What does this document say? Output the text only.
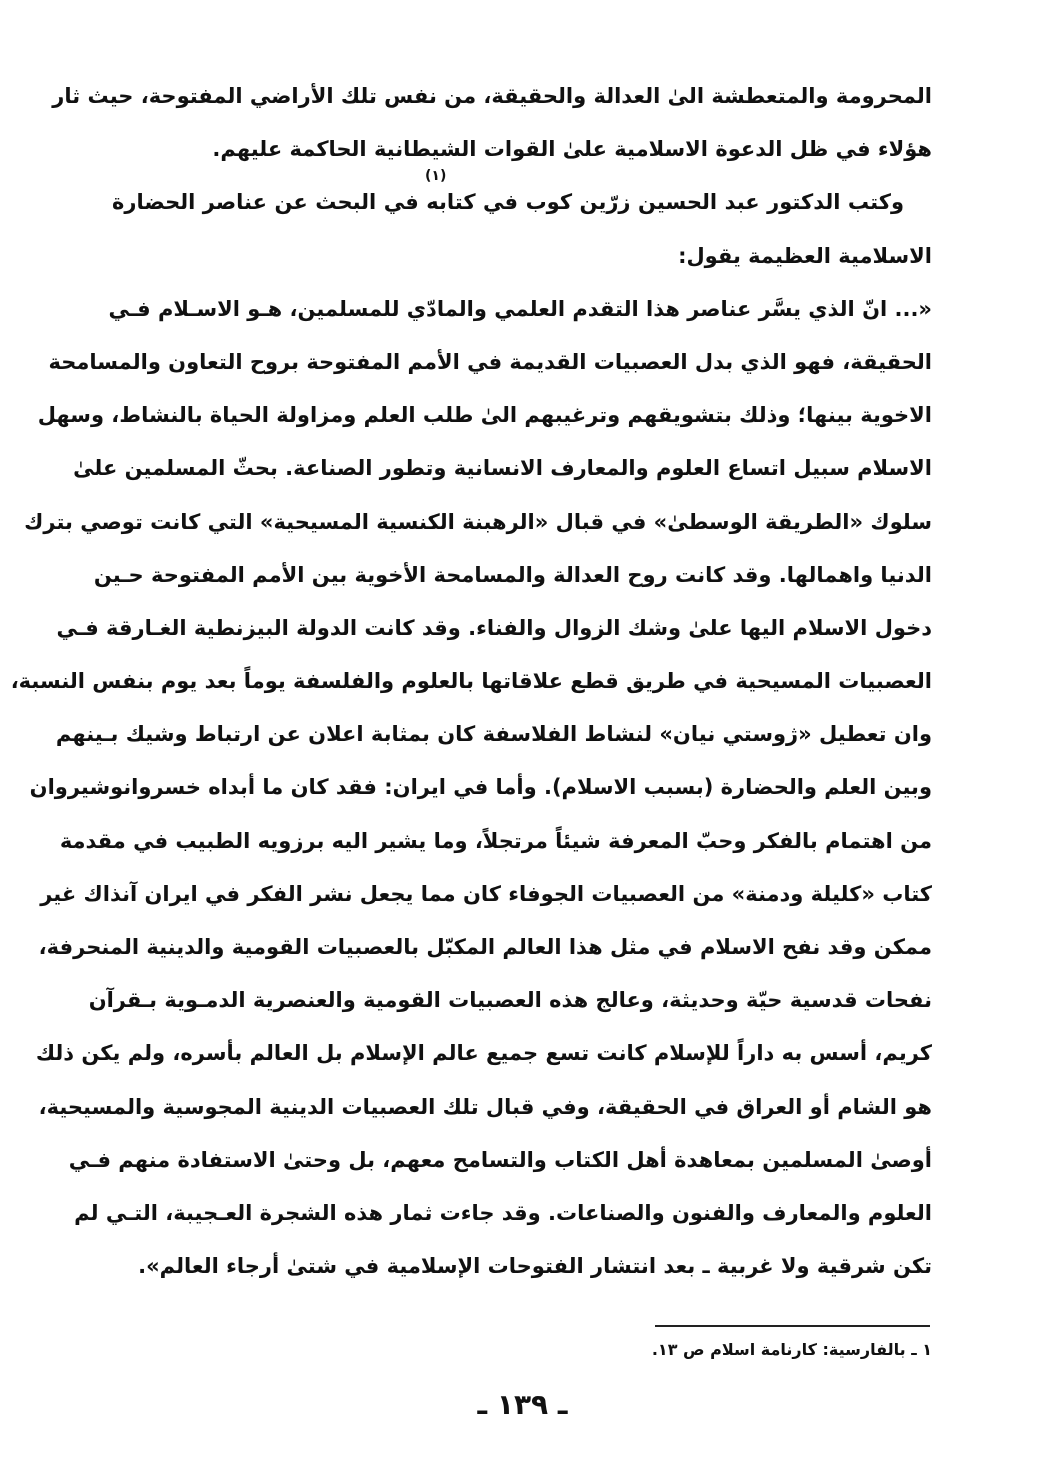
المحرومة والمتعطشة الیٰ العدالة والحقیقة، من نفس تلك الأراضي المفتوحة، حيث ثار
هؤلاء في ظل الدعوة الاسلامية علیٰ القوات الشيطانية الحاكمة عليهم.
وكتب الدكتور عبد الحسين زرّين كوب في كتابه في البحث عن عناصر الحضارة
الاسلامية العظيمة يقول:
«... انّ الذي يسَّر عناصر هذا التقدم العلمي والمادّي للمسلمين، هـو الاسـلام فـي
الحقيقة، فهو الذي بدل العصبيات القديمة في الأمم المفتوحة بروح التعاون والمسامحة
الاخوية بينها؛ وذلك بتشويقهم وترغيبهم الیٰ طلب العلم ومزاولة الحياة بالنشاط، وسهل
الاسلام سبيل اتساع العلوم والمعارف الانسانية وتطور الصناعة. بحثّ المسلمين علیٰ
سلوك «الطريقة الوسطیٰ» في قبال «الرهبنة الكنسية المسيحية» التي كانت توصي بترك
الدنيا واهمالها. وقد كانت روح العدالة والمسامحة الأخوية بين الأمم المفتوحة حـين
دخول الاسلام اليها علیٰ وشك الزوال والفناء. وقد كانت الدولة البيزنطية الغـارقة فـي
العصبيات المسيحية في طريق قطع علاقاتها بالعلوم والفلسفة يوماً بعد يوم بنفس النسبة،
وان تعطيل «ژوستي نيان» لنشاط الفلاسفة كان بمثابة اعلان عن ارتباط وشيك بـينهم
وبين العلم والحضارة (بسبب الاسلام). وأما في ايران: فقد كان ما أبداه خسروانوشيروان
من اهتمام بالفكر وحبّ المعرفة شيئاً مرتجلاً، وما يشير اليه برزويه الطبيب في مقدمة
كتاب «كليلة ودمنة» من العصبيات الجوفاء كان مما يجعل نشر الفكر في ايران آنذاك غير
ممكن وقد نفح الاسلام في مثل هذا العالم المكبّل بالعصبيات القومية والدينية المنحرفة،
نفحات قدسية حيّة وحديثة، وعالج هذه العصبيات القومية والعنصرية الدمـوية بـقرآن
كريم، أسس به داراً للإسلام كانت تسع جميع عالم الإسلام بل العالم بأسره، ولم يكن ذلك
هو الشام أو العراق في الحقيقة، وفي قبال تلك العصبيات الدينية المجوسية والمسيحية،
أوصیٰ المسلمين بمعاهدة أهل الكتاب والتسامح معهم، بل وحتیٰ الاستفادة منهم فـي
العلوم والمعارف والفنون والصناعات. وقد جاءت ثمار هذه الشجرة العـجيبة، التـي لم
تكن شرقية ولا غربية ـ بعد انتشار الفتوحات الإسلامية في شتیٰ أرجاء العالم».
(١)
١ ـ بالفارسية: كارنامة اسلام ص ١٣.
ـ ١٣٩ ـ
